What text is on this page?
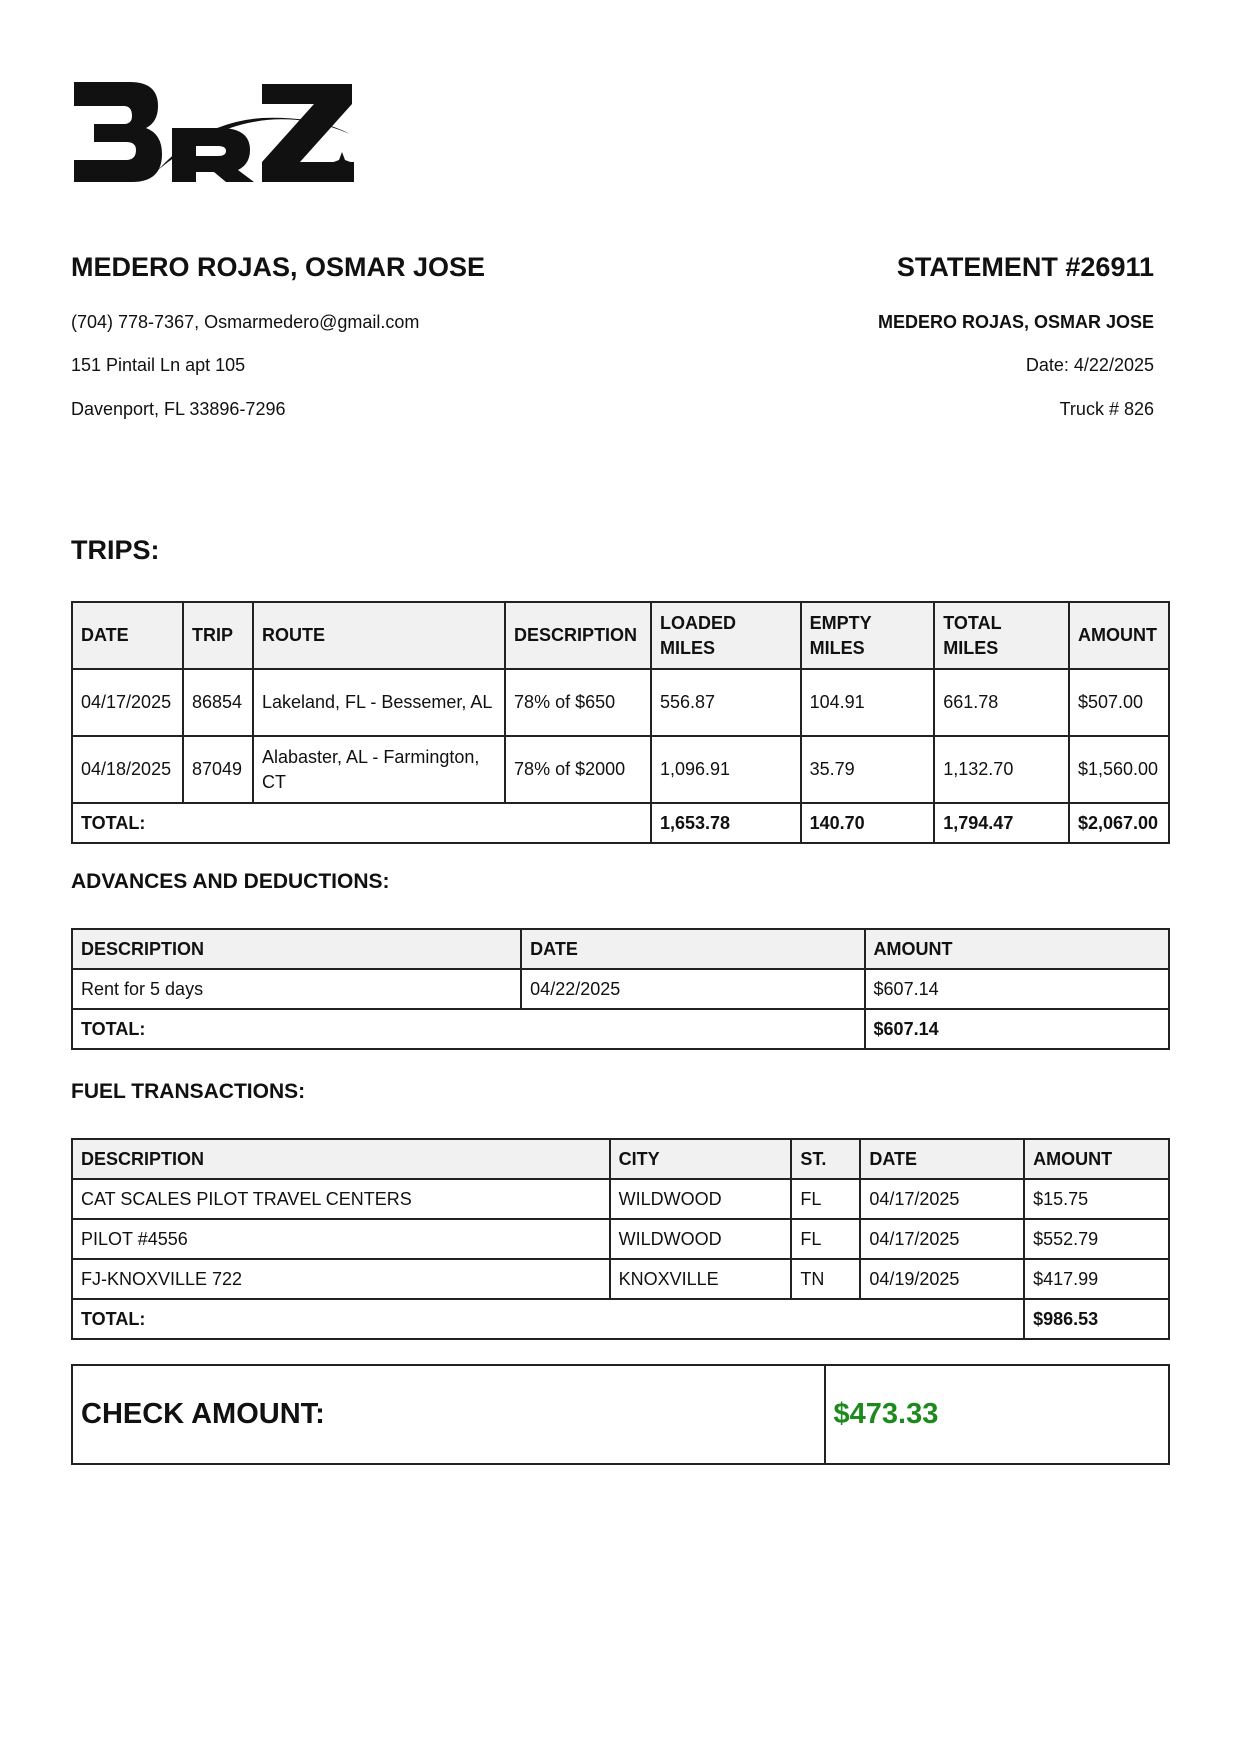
MEDERO ROJAS, OSMAR JOSE
(704) 778-7367, Osmarmedero@gmail.com
151 Pintail Ln apt 105
Davenport, FL 33896-7296
STATEMENT #26911
MEDERO ROJAS, OSMAR JOSE
Date: 4/22/2025
Truck # 826
TRIPS:
DATE	TRIP	ROUTE	DESCRIPTION	LOADED MILES	EMPTY MILES	TOTAL MILES	AMOUNT
04/17/2025	86854	Lakeland, FL - Bessemer, AL	78% of $650	556.87	104.91	661.78	$507.00
04/18/2025	87049	Alabaster, AL - Farmington, CT	78% of $2000	1,096.91	35.79	1,132.70	$1,560.00
TOTAL:				1,653.78	140.70	1,794.47	$2,067.00
ADVANCES AND DEDUCTIONS:
DESCRIPTION	DATE	AMOUNT
Rent for 5 days	04/22/2025	$607.14
TOTAL:		$607.14
FUEL TRANSACTIONS:
DESCRIPTION	CITY	ST.	DATE	AMOUNT
CAT SCALES PILOT TRAVEL CENTERS	WILDWOOD	FL	04/17/2025	$15.75
PILOT #4556	WILDWOOD	FL	04/17/2025	$552.79
FJ-KNOXVILLE 722	KNOXVILLE	TN	04/19/2025	$417.99
TOTAL:				$986.53
CHECK AMOUNT:	$473.33
